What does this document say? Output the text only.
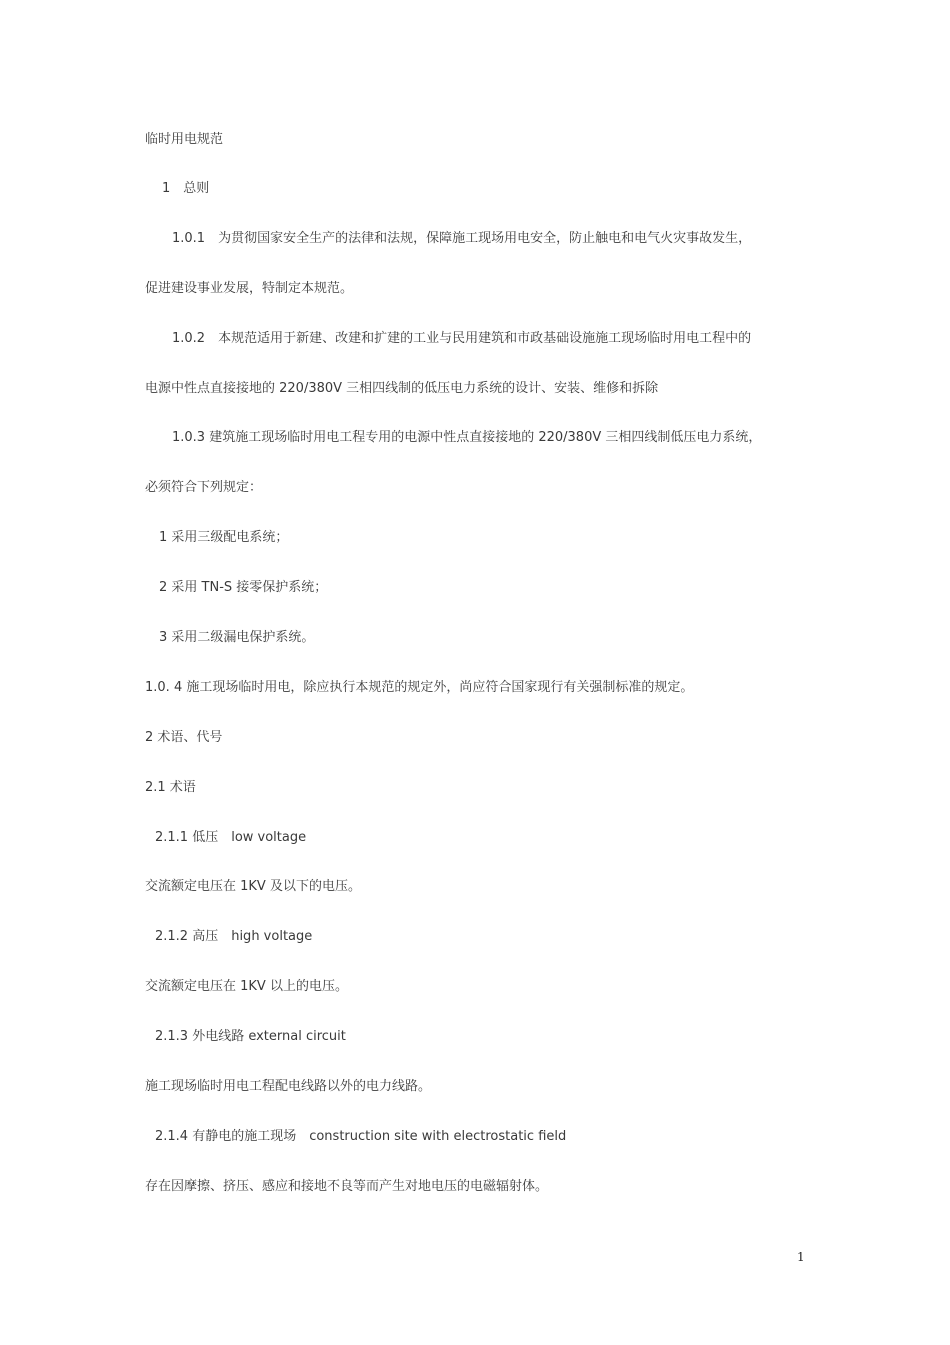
临时用电规范
1　总则
1.0.1　为贯彻国家安全生产的法律和法规，保障施工现场用电安全，防止触电和电气火灾事故发生，
促进建设事业发展，特制定本规范。
1.0.2　本规范适用于新建、改建和扩建的工业与民用建筑和市政基础设施施工现场临时用电工程中的
电源中性点直接接地的 220/380V 三相四线制的低压电力系统的设计、安装、维修和拆除
1.0.3 建筑施工现场临时用电工程专用的电源中性点直接接地的 220/380V 三相四线制低压电力系统，
必须符合下列规定：
1 采用三级配电系统；
2 采用 TN-S 接零保护系统；
3 采用二级漏电保护系统。
1.0. 4 施工现场临时用电，除应执行本规范的规定外，尚应符合国家现行有关强制标准的规定。
2 术语、代号
2.1 术语
2.1.1 低压　low voltage
交流额定电压在 1KV 及以下的电压。
2.1.2 高压　high voltage
交流额定电压在 1KV 以上的电压。
2.1.3 外电线路 external circuit
施工现场临时用电工程配电线路以外的电力线路。
2.1.4 有静电的施工现场　construction site with electrostatic field
存在因摩擦、挤压、感应和接地不良等而产生对地电压的电磁辐射体。
1
